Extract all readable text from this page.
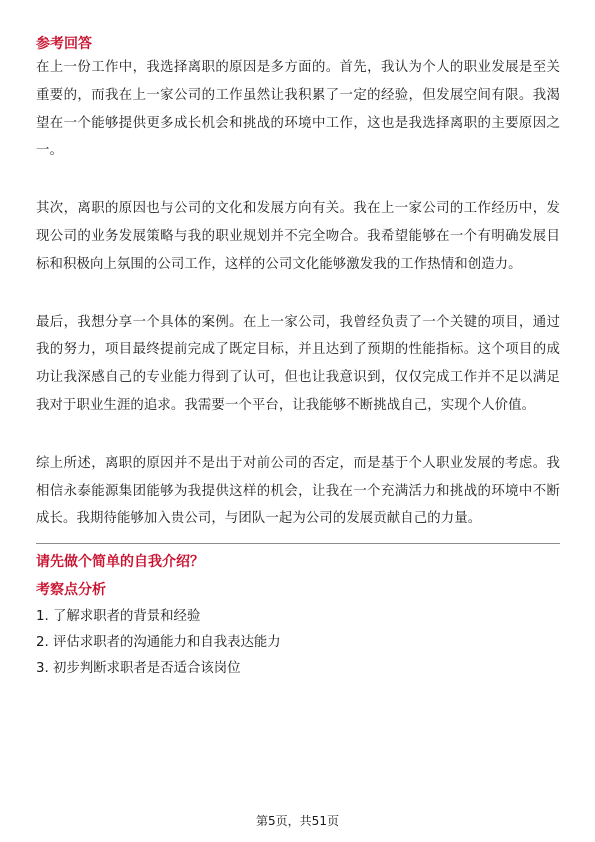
参考回答

在上一份工作中，我选择离职的原因是多方面的。首先，我认为个人的职业发展是至关重要的，而我在上一家公司的工作虽然让我积累了一定的经验，但发展空间有限。我渴望在一个能够提供更多成长机会和挑战的环境中工作，这也是我选择离职的主要原因之一。

其次，离职的原因也与公司的文化和发展方向有关。我在上一家公司的工作经历中，发现公司的业务发展策略与我的职业规划并不完全吻合。我希望能够在一个有明确发展目标和积极向上氛围的公司工作，这样的公司文化能够激发我的工作热情和创造力。

最后，我想分享一个具体的案例。在上一家公司，我曾经负责了一个关键的项目，通过我的努力，项目最终提前完成了既定目标，并且达到了预期的性能指标。这个项目的成功让我深感自己的专业能力得到了认可，但也让我意识到，仅仅完成工作并不足以满足我对于职业生涯的追求。我需要一个平台，让我能够不断挑战自己，实现个人价值。

综上所述，离职的原因并不是出于对前公司的否定，而是基于个人职业发展的考虑。我相信永泰能源集团能够为我提供这样的机会，让我在一个充满活力和挑战的环境中不断成长。我期待能够加入贵公司，与团队一起为公司的发展贡献自己的力量。

请先做个简单的自我介绍？

考察点分析

1. 了解求职者的背景和经验
2. 评估求职者的沟通能力和自我表达能力
3. 初步判断求职者是否适合该岗位
第5页，共51页
